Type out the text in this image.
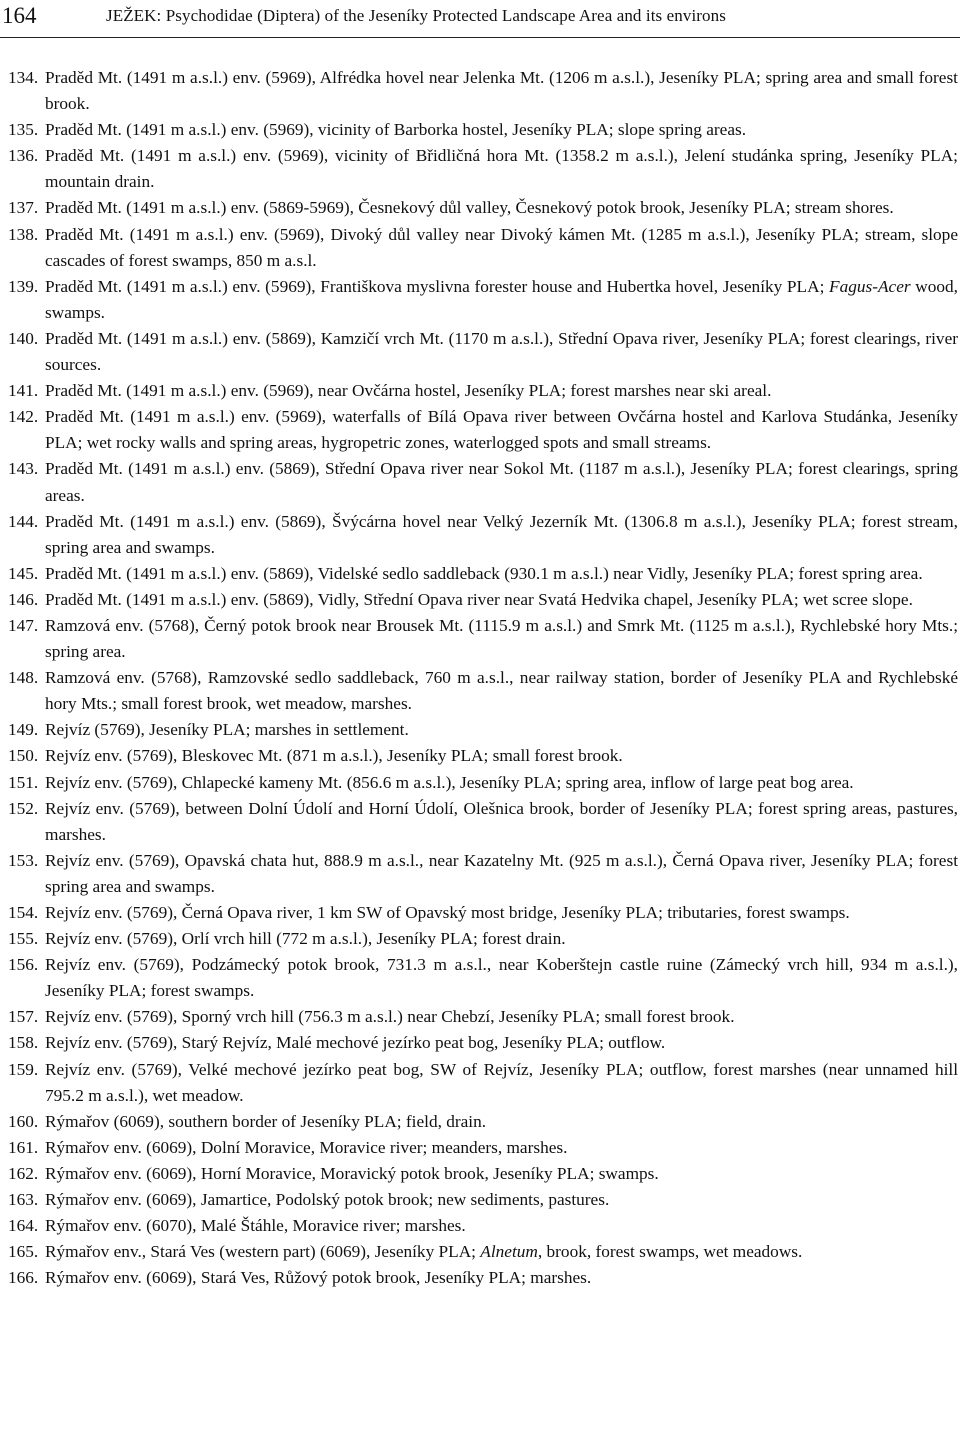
164	JEŽEK: Psychodidae (Diptera) of the Jeseníky Protected Landscape Area and its environs
134. Praděd Mt. (1491 m a.s.l.) env. (5969), Alfrédka hovel near Jelenka Mt. (1206 m a.s.l.), Jeseníky PLA; spring area and small forest brook.
135. Praděd Mt. (1491 m a.s.l.) env. (5969), vicinity of Barborka hostel, Jeseníky PLA; slope spring areas.
136. Praděd Mt. (1491 m a.s.l.) env. (5969), vicinity of Břidličná hora Mt. (1358.2 m a.s.l.), Jelení studánka spring, Jeseníky PLA; mountain drain.
137. Praděd Mt. (1491 m a.s.l.) env. (5869-5969), Česnekový důl valley, Česnekový potok brook, Jeseníky PLA; stream shores.
138. Praděd Mt. (1491 m a.s.l.) env. (5969), Divoký důl valley near Divoký kámen Mt. (1285 m a.s.l.), Jeseníky PLA; stream, slope cascades of forest swamps, 850 m a.s.l.
139. Praděd Mt. (1491 m a.s.l.) env. (5969), Františkova myslivna forester house and Hubertka hovel, Jeseníky PLA; Fagus-Acer wood, swamps.
140. Praděd Mt. (1491 m a.s.l.) env. (5869), Kamzičí vrch Mt. (1170 m a.s.l.), Střední Opava river, Jeseníky PLA; forest clearings, river sources.
141. Praděd Mt. (1491 m a.s.l.) env. (5969), near Ovčárna hostel, Jeseníky PLA; forest marshes near ski areal.
142. Praděd Mt. (1491 m a.s.l.) env. (5969), waterfalls of Bílá Opava river between Ovčárna hostel and Karlova Studánka, Jeseníky PLA; wet rocky walls and spring areas, hygropetric zones, waterlogged spots and small streams.
143. Praděd Mt. (1491 m a.s.l.) env. (5869), Střední Opava river near Sokol Mt. (1187 m a.s.l.), Jeseníky PLA; forest clearings, spring areas.
144. Praděd Mt. (1491 m a.s.l.) env. (5869), Švýcárna hovel near Velký Jezerník Mt. (1306.8 m a.s.l.), Jeseníky PLA; forest stream, spring area and swamps.
145. Praděd Mt. (1491 m a.s.l.) env. (5869), Videlské sedlo saddleback (930.1 m a.s.l.) near Vidly, Jeseníky PLA; forest spring area.
146. Praděd Mt. (1491 m a.s.l.) env. (5869), Vidly, Střední Opava river near Svatá Hedvika chapel, Jeseníky PLA; wet scree slope.
147. Ramzová env. (5768), Černý potok brook near Brousek Mt. (1115.9 m a.s.l.) and Smrk Mt. (1125 m a.s.l.), Rychlebské hory Mts.; spring area.
148. Ramzová env. (5768), Ramzovské sedlo saddleback, 760 m a.s.l., near railway station, border of Jeseníky PLA and Rychlebské hory Mts.; small forest brook, wet meadow, marshes.
149. Rejvíz (5769), Jeseníky PLA; marshes in settlement.
150. Rejvíz env. (5769), Bleskovec Mt. (871 m a.s.l.), Jeseníky PLA; small forest brook.
151. Rejvíz env. (5769), Chlapecké kameny Mt. (856.6 m a.s.l.), Jeseníky PLA; spring area, inflow of large peat bog area.
152. Rejvíz env. (5769), between Dolní Údolí and Horní Údolí, Olešnica brook, border of Jeseníky PLA; forest spring areas, pastures, marshes.
153. Rejvíz env. (5769), Opavská chata hut, 888.9 m a.s.l., near Kazatelny Mt. (925 m a.s.l.), Černá Opava river, Jeseníky PLA; forest spring area and swamps.
154. Rejvíz env. (5769), Černá Opava river, 1 km SW of Opavský most bridge, Jeseníky PLA; tributaries, forest swamps.
155. Rejvíz env. (5769), Orlí vrch hill (772 m a.s.l.), Jeseníky PLA; forest drain.
156. Rejvíz env. (5769), Podzámecký potok brook, 731.3 m a.s.l., near Koberštejn castle ruine (Zámecký vrch hill, 934 m a.s.l.), Jeseníky PLA; forest swamps.
157. Rejvíz env. (5769), Sporný vrch hill (756.3 m a.s.l.) near Chebzí, Jeseníky PLA; small forest brook.
158. Rejvíz env. (5769), Starý Rejvíz, Malé mechové jezírko peat bog, Jeseníky PLA; outflow.
159. Rejvíz env. (5769), Velké mechové jezírko peat bog, SW of Rejvíz, Jeseníky PLA; outflow, forest marshes (near unnamed hill 795.2 m a.s.l.), wet meadow.
160. Rýmařov (6069), southern border of Jeseníky PLA; field, drain.
161. Rýmařov env. (6069), Dolní Moravice, Moravice river; meanders, marshes.
162. Rýmařov env. (6069), Horní Moravice, Moravický potok brook, Jeseníky PLA; swamps.
163. Rýmařov env. (6069), Jamartice, Podolský potok brook; new sediments, pastures.
164. Rýmařov env. (6070), Malé Štáhle, Moravice river; marshes.
165. Rýmařov env., Stará Ves (western part) (6069), Jeseníky PLA; Alnetum, brook, forest swamps, wet meadows.
166. Rýmařov env. (6069), Stará Ves, Růžový potok brook, Jeseníky PLA; marshes.
